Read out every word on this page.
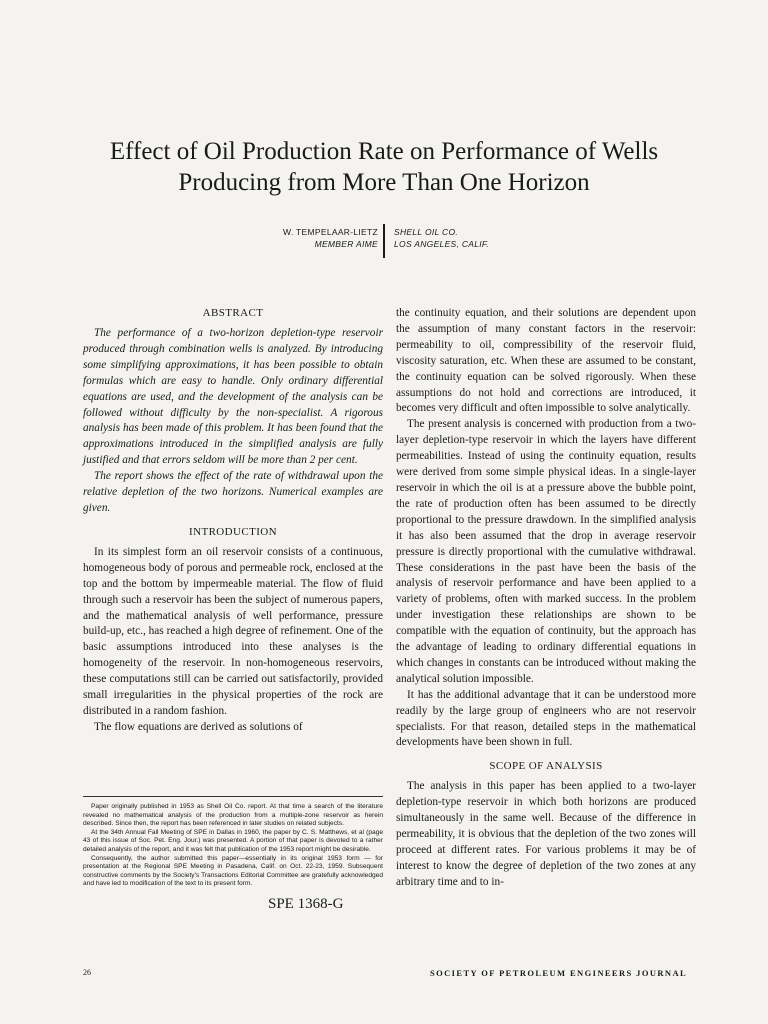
Effect of Oil Production Rate on Performance of Wells
Producing from More Than One Horizon
W. TEMPELAAR-LIETZ
MEMBER AIME
SHELL OIL CO.
LOS ANGELES, CALIF.
ABSTRACT

The performance of a two-horizon depletion-type reservoir produced through combination wells is analyzed. By introducing some simplifying approximations, it has been possible to obtain formulas which are easy to handle. Only ordinary differential equations are used, and the development of the analysis can be followed without difficulty by the non-specialist. A rigorous analysis has been made of this problem. It has been found that the approximations introduced in the simplified analysis are fully justified and that errors seldom will be more than 2 per cent.

The report shows the effect of the rate of withdrawal upon the relative depletion of the two horizons. Numerical examples are given.

INTRODUCTION

In its simplest form an oil reservoir consists of a continuous, homogeneous body of porous and permeable rock, enclosed at the top and the bottom by impermeable material. The flow of fluid through such a reservoir has been the subject of numerous papers, and the mathematical analysis of well performance, pressure build-up, etc., has reached a high degree of refinement. One of the basic assumptions introduced into these analyses is the homogeneity of the reservoir. In non-homogeneous reservoirs, these computations still can be carried out satisfactorily, provided small irregularities in the physical properties of the rock are distributed in a random fashion.

The flow equations are derived as solutions of

the continuity equation, and their solutions are dependent upon the assumption of many constant factors in the reservoir: permeability to oil, compressibility of the reservoir fluid, viscosity saturation, etc. When these are assumed to be constant, the continuity equation can be solved rigorously. When these assumptions do not hold and corrections are introduced, it becomes very difficult and often impossible to solve analytically.

The present analysis is concerned with production from a two-layer depletion-type reservoir in which the layers have different permeabilities. Instead of using the continuity equation, results were derived from some simple physical ideas. In a single-layer reservoir in which the oil is at a pressure above the bubble point, the rate of production often has been assumed to be directly proportional to the pressure drawdown. In the simplified analysis it has also been assumed that the drop in average reservoir pressure is directly proportional with the cumulative withdrawal. These considerations in the past have been the basis of the analysis of reservoir performance and have been applied to a variety of problems, often with marked success. In the problem under investigation these relationships are shown to be compatible with the equation of continuity, but the approach has the advantage of leading to ordinary differential equations in which changes in constants can be introduced without making the analytical solution impossible.

It has the additional advantage that it can be understood more readily by the large group of engineers who are not reservoir specialists. For that reason, detailed steps in the mathematical developments have been shown in full.

SCOPE OF ANALYSIS

The analysis in this paper has been applied to a two-layer depletion-type reservoir in which both horizons are produced simultaneously in the same well. Because of the difference in permeability, it is obvious that the depletion of the two zones will proceed at different rates. For various problems it may be of interest to know the degree of depletion of the two zones at any arbitrary time and to in-

Paper originally published in 1953 as Shell Oil Co. report. At that time a search of the literature revealed no mathematical analysis of the production from a multiple-zone reservoir as herein described. Since then, the report has been referenced in later studies on related subjects.

At the 34th Annual Fall Meeting of SPE in Dallas in 1960, the paper by C. S. Matthews, et al (page 43 of this issue of Soc. Pet. Eng. Jour.) was presented. A portion of that paper is devoted to a rather detailed analysis of the report, and it was felt that publication of the 1953 report might be desirable.

Consequently, the author submitted this paper—essentially in its original 1953 form — for presentation at the Regional SPE Meeting in Pasadena, Calif. on Oct. 22-23, 1959. Subsequent constructive comments by the Society's Transactions Editorial Committee are gratefully acknowledged and have led to modification of the text to its present form.

SPE 1368-G
26	SOCIETY OF PETROLEUM ENGINEERS JOURNAL
